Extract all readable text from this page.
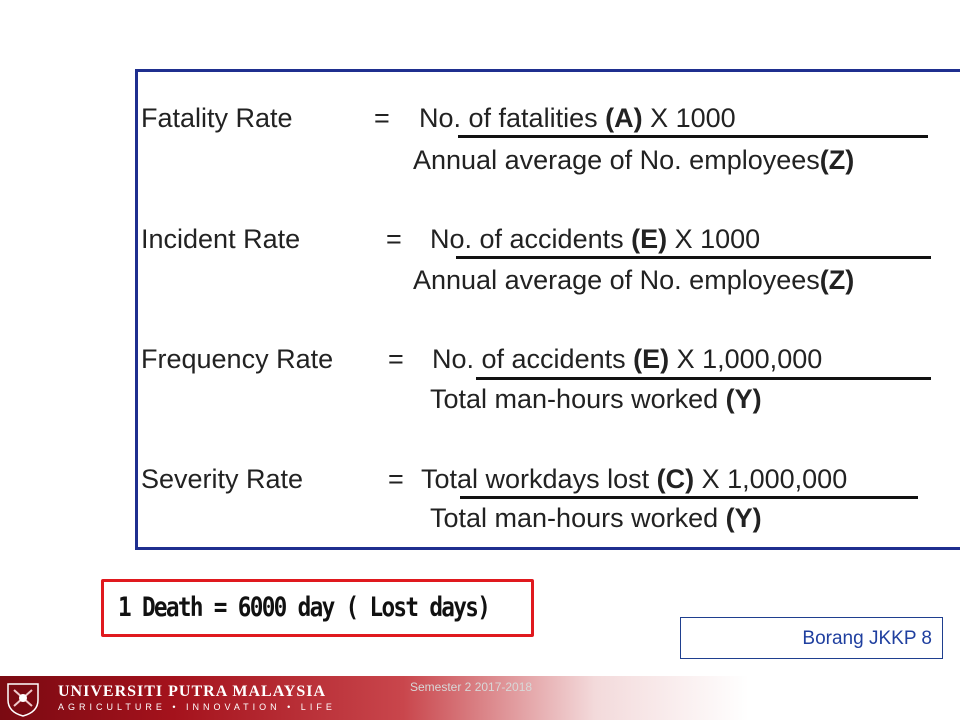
Fatality Rate	= No. of fatalities (A) X 1000
Annual average of No. employees(Z)
Incident Rate	= No. of accidents (E) X 1000
Annual average of No. employees(Z)
Frequency Rate = No. of accidents (E) X 1,000,000
Total man-hours worked (Y)
Severity Rate	= Total workdays lost (C) X 1,000,000
Total man-hours worked (Y)
1 Death = 6000 day ( Lost days)
Borang JKKP 8
UNIVERSITI PUTRA MALAYSIA
AGRICULTURE • INNOVATION • LIFE
Semester 2 2017-2018
